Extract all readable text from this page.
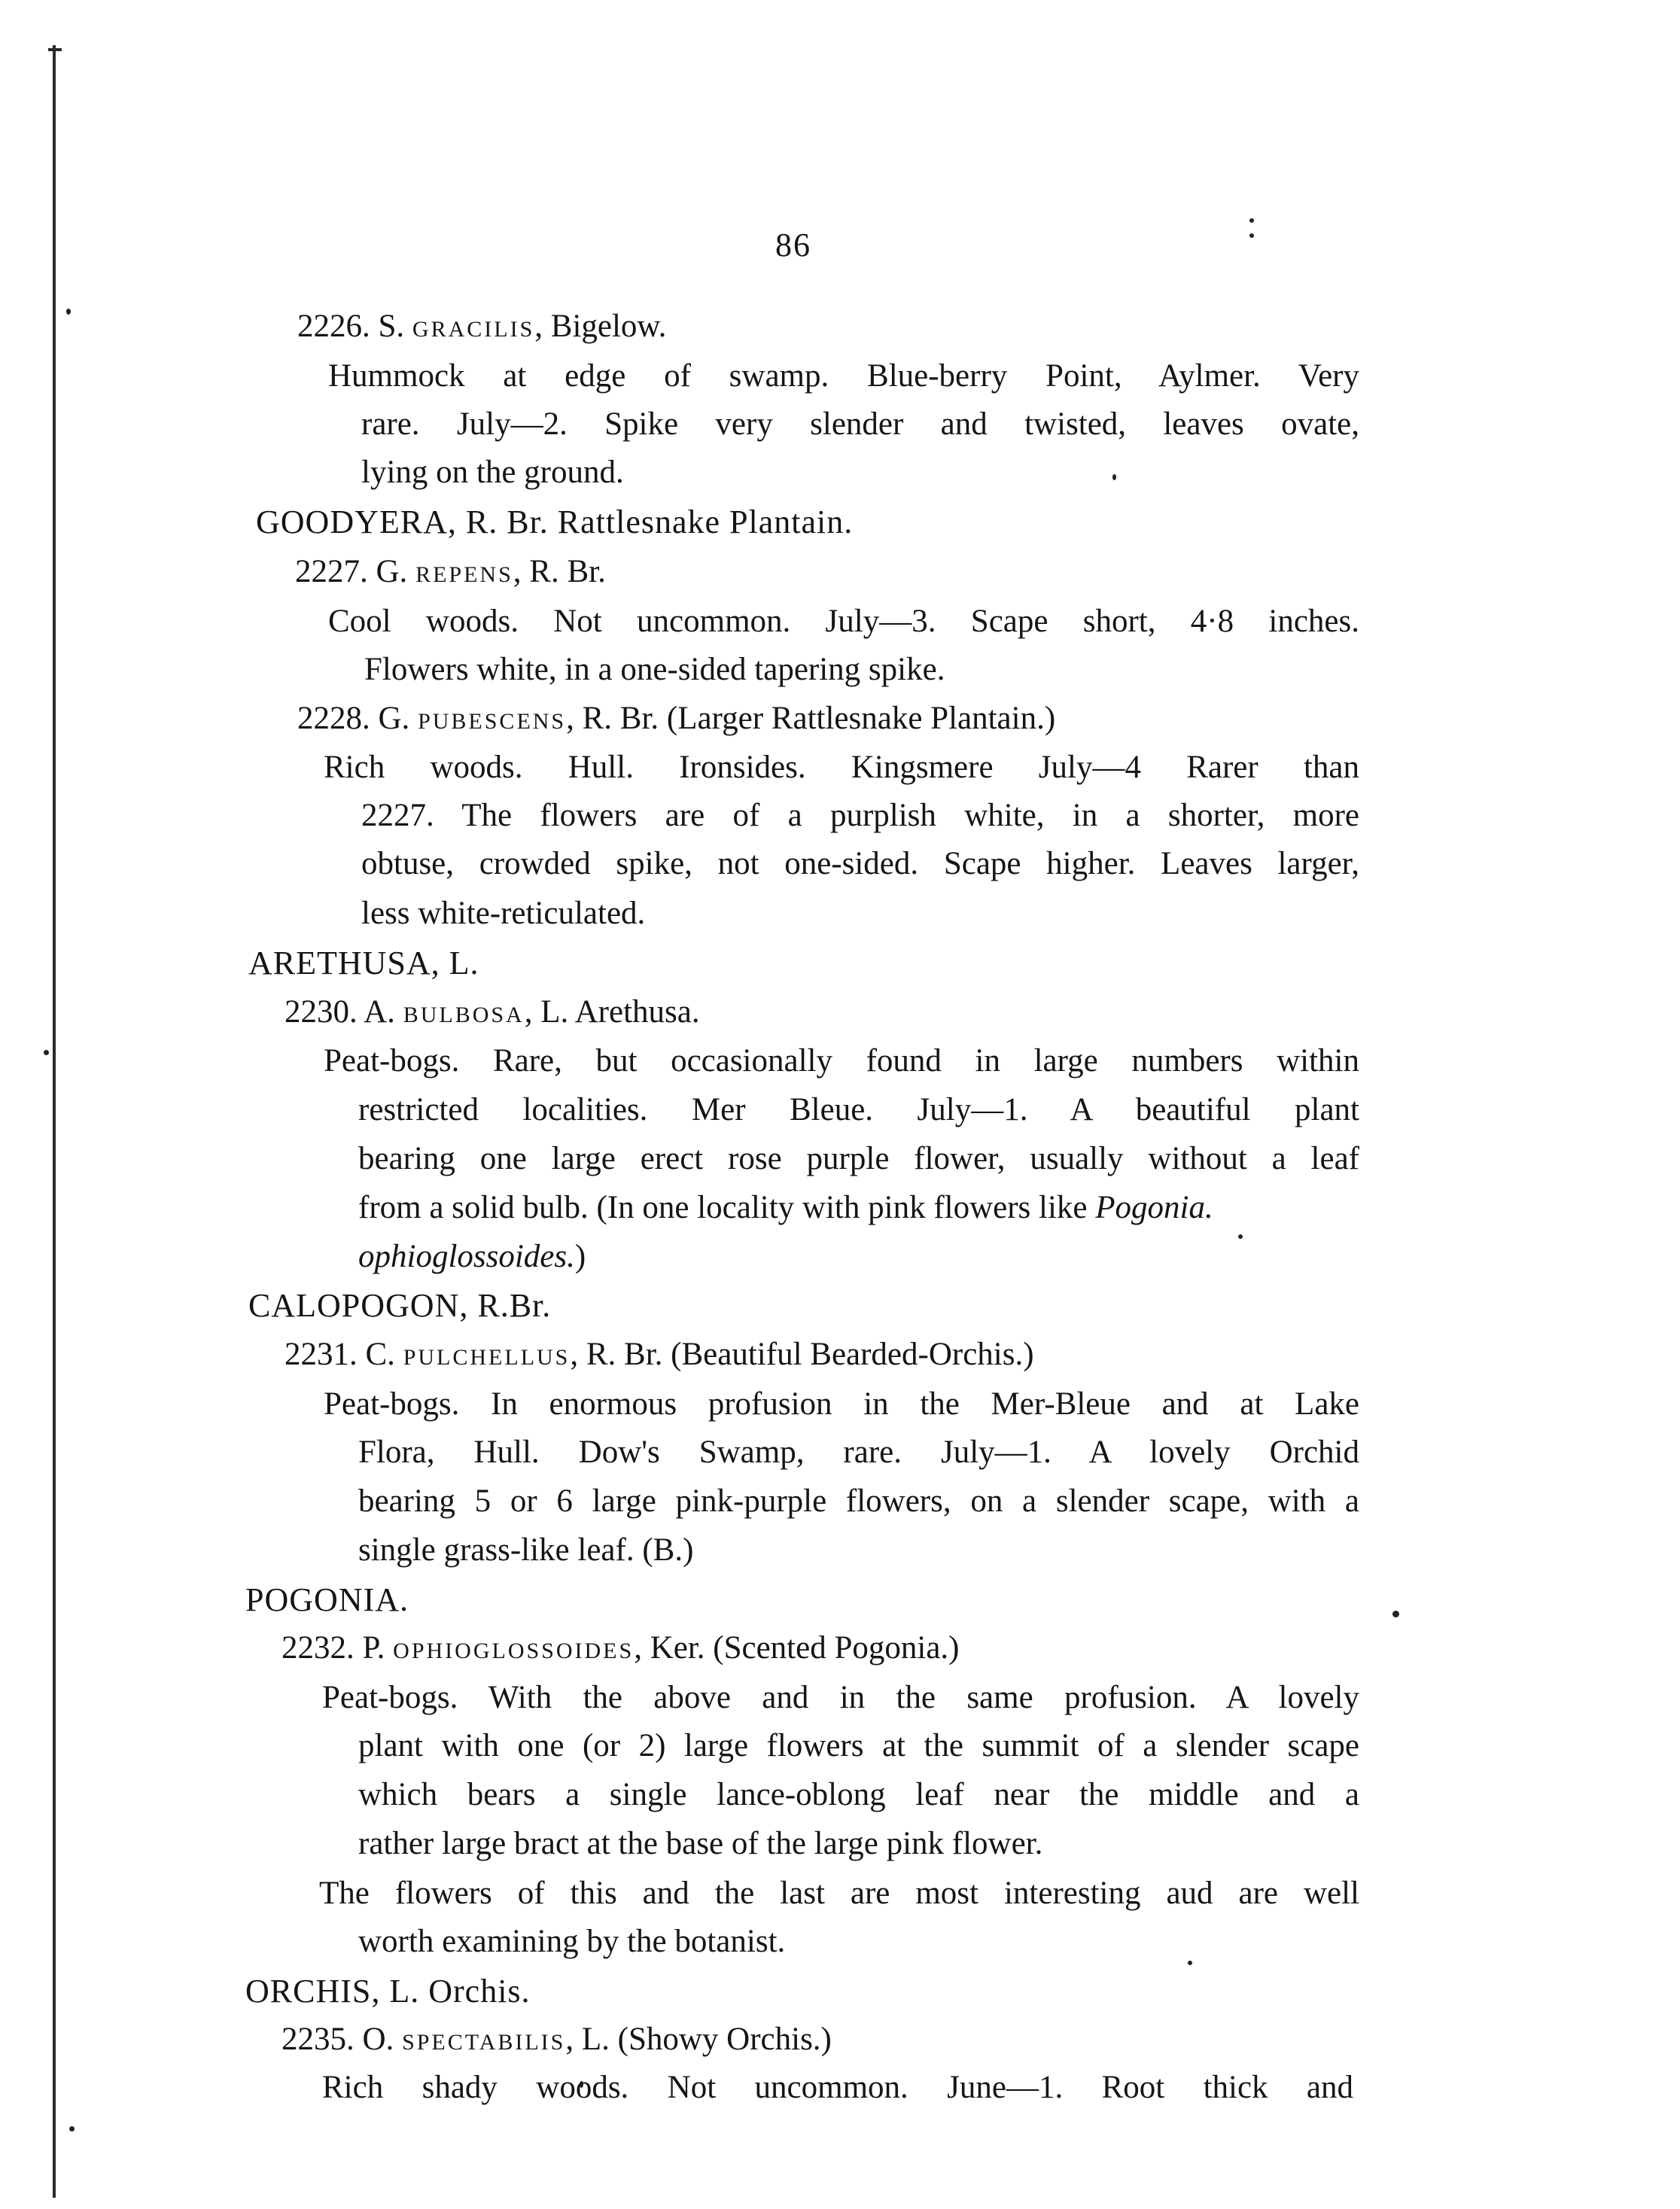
86
2226. S. gracilis, Bigelow.
Hummock at edge of swamp. Blue-berry Point, Aylmer. Very
rare. July—2. Spike very slender and twisted, leaves ovate,
lying on the ground.
GOODYERA, R. Br. Rattlesnake Plantain.
2227. G. repens, R. Br.
Cool woods. Not uncommon. July—3. Scape short, 4·8 inches.
Flowers white, in a one-sided tapering spike.
2228. G. pubescens, R. Br. (Larger Rattlesnake Plantain.)
Rich woods. Hull. Ironsides. Kingsmere July—4 Rarer than
2227. The flowers are of a purplish white, in a shorter, more
obtuse, crowded spike, not one-sided. Scape higher. Leaves larger,
less white-reticulated.
ARETHUSA, L.
2230. A. bulbosa, L. Arethusa.
Peat-bogs. Rare, but occasionally found in large numbers within
restricted localities. Mer Bleue. July—1. A beautiful plant
bearing one large erect rose purple flower, usually without a leaf
from a solid bulb. (In one locality with pink flowers like Pogonia.
ophioglossoides.)
CALOPOGON, R.Br.
2231. C. pulchellus, R. Br. (Beautiful Bearded-Orchis.)
Peat-bogs. In enormous profusion in the Mer-Bleue and at Lake
Flora, Hull. Dow's Swamp, rare. July—1. A lovely Orchid
bearing 5 or 6 large pink-purple flowers, on a slender scape, with a
single grass-like leaf. (B.)
POGONIA.
2232. P. ophioglossoides, Ker. (Scented Pogonia.)
Peat-bogs. With the above and in the same profusion. A lovely
plant with one (or 2) large flowers at the summit of a slender scape
which bears a single lance-oblong leaf near the middle and a
rather large bract at the base of the large pink flower.
The flowers of this and the last are most interesting aud are well
worth examining by the botanist.
ORCHIS, L. Orchis.
2235. O. spectabilis, L. (Showy Orchis.)
Rich shady woods. Not uncommon. June—1. Root thick and
